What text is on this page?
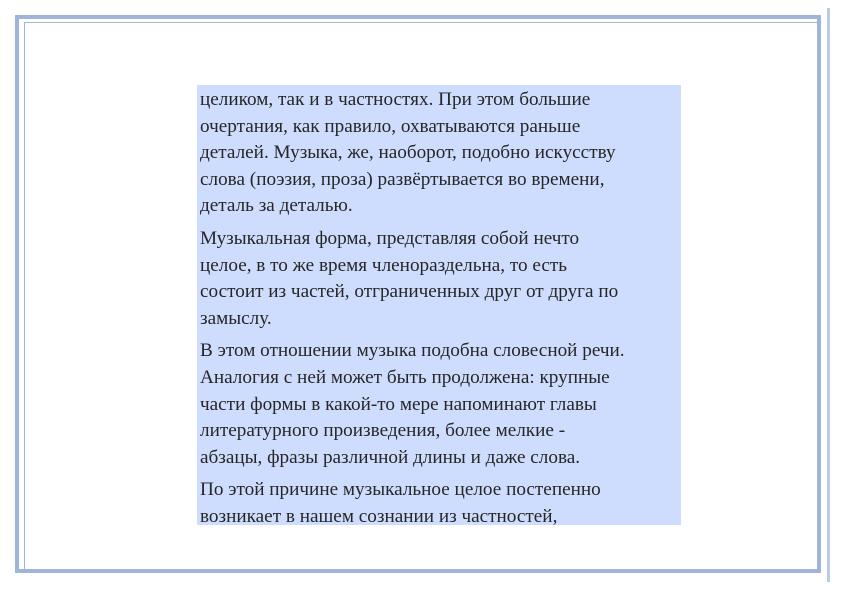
целиком, так и в частностях. При этом большие
очертания, как правило, охватываются раньше
деталей. Музыка, же, наоборот, подобно искусству
слова (поэзия, проза) развёртывается во времени,
деталь за деталью.

Музыкальная форма, представляя собой нечто
целое, в то же время членораздельна, то есть
состоит из частей, отграниченных друг от друга по
замыслу.

В этом отношении музыка подобна словесной речи.
Аналогия с ней может быть продолжена: крупные
части формы в какой-то мере напоминают главы
литературного произведения, более мелкие -
абзацы, фразы различной длины и даже слова.

По этой причине музыкальное целое постепенно
возникает в нашем сознании из частностей,
